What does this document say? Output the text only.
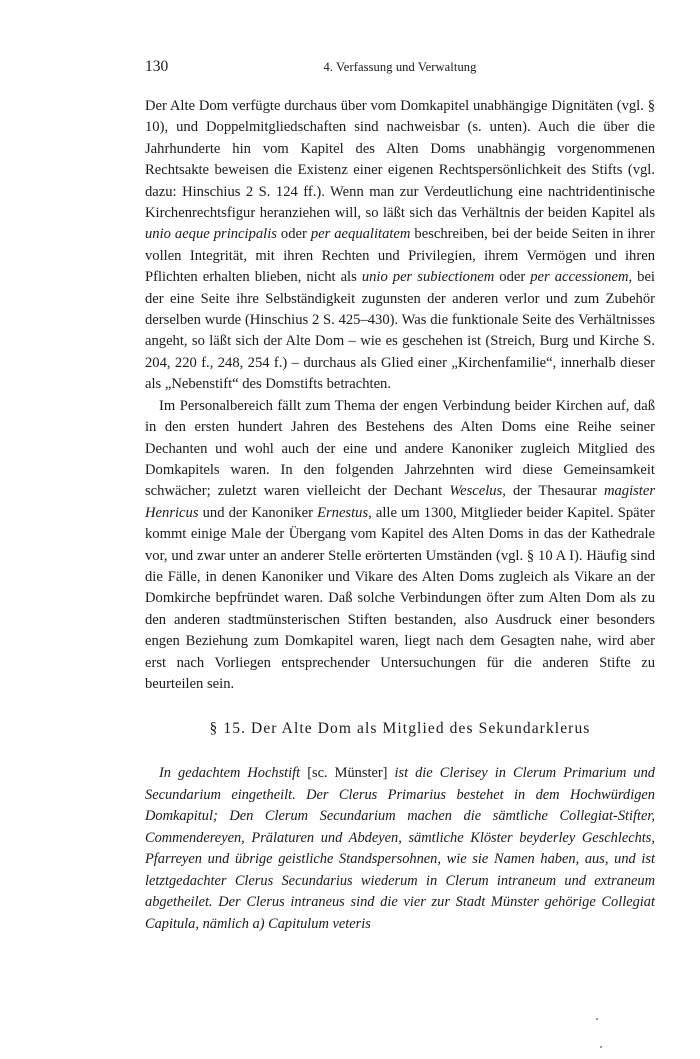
130	4. Verfassung und Verwaltung

Der Alte Dom verfügte durchaus über vom Domkapitel unabhängige Dignitäten (vgl. § 10), und Doppelmitgliedschaften sind nachweisbar (s. unten). Auch die über die Jahrhunderte hin vom Kapitel des Alten Doms unabhängig vorgenommenen Rechtsakte beweisen die Existenz einer eigenen Rechtspersönlichkeit des Stifts (vgl. dazu: Hinschius 2 S. 124 ff.). Wenn man zur Verdeutlichung eine nachtridentinische Kirchenrechtsfigur heranziehen will, so läßt sich das Verhältnis der beiden Kapitel als unio aeque principalis oder per aequalitatem beschreiben, bei der beide Seiten in ihrer vollen Integrität, mit ihren Rechten und Privilegien, ihrem Vermögen und ihren Pflichten erhalten blieben, nicht als unio per subiectionem oder per accessionem, bei der eine Seite ihre Selbständigkeit zugunsten der anderen verlor und zum Zubehör derselben wurde (Hinschius 2 S. 425–430). Was die funktionale Seite des Verhältnisses angeht, so läßt sich der Alte Dom – wie es geschehen ist (Streich, Burg und Kirche S. 204, 220 f., 248, 254 f.) – durchaus als Glied einer „Kirchenfamilie“, innerhalb dieser als „Nebenstift“ des Domstifts betrachten.

Im Personalbereich fällt zum Thema der engen Verbindung beider Kirchen auf, daß in den ersten hundert Jahren des Bestehens des Alten Doms eine Reihe seiner Dechanten und wohl auch der eine und andere Kanoniker zugleich Mitglied des Domkapitels waren. In den folgenden Jahrzehnten wird diese Gemeinsamkeit schwächer; zuletzt waren vielleicht der Dechant Wescelus, der Thesaurar magister Henricus und der Kanoniker Ernestus, alle um 1300, Mitglieder beider Kapitel. Später kommt einige Male der Übergang vom Kapitel des Alten Doms in das der Kathedrale vor, und zwar unter an anderer Stelle erörterten Umständen (vgl. § 10 A I). Häufig sind die Fälle, in denen Kanoniker und Vikare des Alten Doms zugleich als Vikare an der Domkirche bepfründet waren. Daß solche Verbindungen öfter zum Alten Dom als zu den anderen stadtmünsterischen Stiften bestanden, also Ausdruck einer besonders engen Beziehung zum Domkapitel waren, liegt nach dem Gesagten nahe, wird aber erst nach Vorliegen entsprechender Untersuchungen für die anderen Stifte zu beurteilen sein.

§ 15. Der Alte Dom als Mitglied des Sekundarklerus
In gedachtem Hochstift [sc. Münster] ist die Clerisey in Clerum Primarium und Secundarium eingetheilt. Der Clerus Primarius bestehet in dem Hochwürdigen Domkapitul; Den Clerum Secundarium machen die sämtliche Collegiat-Stifter, Commendereyen, Prälaturen und Abdeyen, sämtliche Klöster beyderley Geschlechts, Pfarreyen und übrige geistliche Standspersohnen, wie sie Namen haben, aus, und ist letztgedachter Clerus Secundarius wiederum in Clerum intraneum und extraneum abgetheilet. Der Clerus intraneus sind die vier zur Stadt Münster gehörige Collegiat Capitula, nämlich a) Capitulum veteris
